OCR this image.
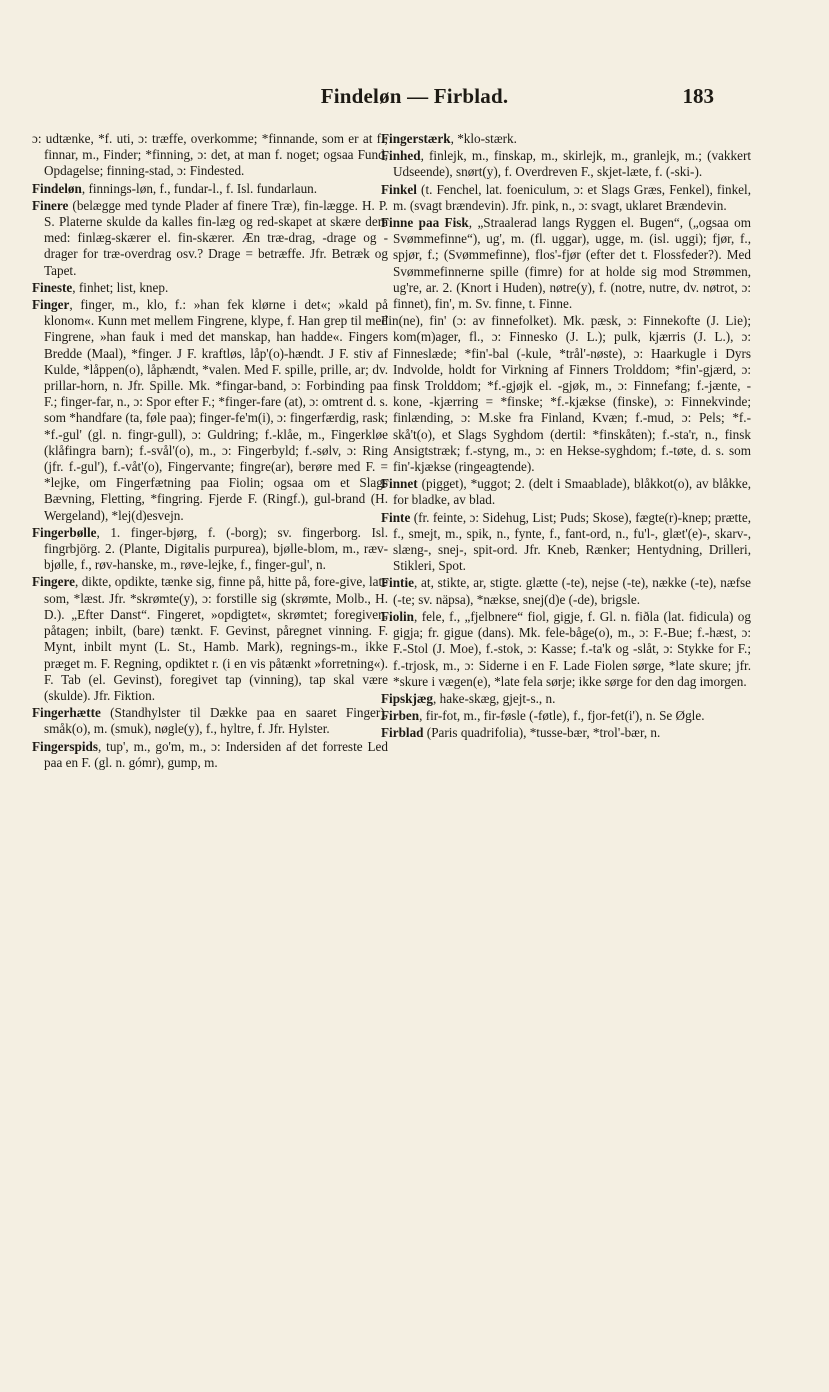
Findeløn — Firblad.	183

ɔ: udtænke, *f. uti, ɔ: træffe, overkomme; *finnande, som er at f.; finnar, m., Finder; *finning, ɔ: det, at man f. noget; ogsaa Fund, Opdagelse; finning-stad, ɔ: Findested.

Findeløn, finnings-løn, f., fundar-l., f. Isl. fundarlaun.

Finere (belægge med tynde Plader af finere Træ), fin-lægge. H. P. S. Platerne skulde da kalles fin-læg og red-skapet at skære dem med: finlæg-skærer el. fin-skærer. Æn træ-drag, -drage og -drager for træ-overdrag osv.? Drage = betræffe. Jfr. Betræk og Tapet.

Fineste, finhet; list, knep.

Finger, finger, m., klo, f.: »han fek klørne i det«; »kald på klonom«. Kunn met mellem Fingrene, klype, f. Han grep til med Fingrene, »han fauk i med det manskap, han hadde«. Fingers Bredde (Maal), *finger. J F. kraftløs, låp'(o)-hændt. J F. stiv af Kulde, *låppen(o), låphændt, *valen. Med F. spille, prille, ar; dv. prillar-horn, n. Jfr. Spille. Mk. *fingar-band, ɔ: Forbinding paa F.; finger-far, n., ɔ: Spor efter F.; *finger-fare (at), ɔ: omtrent d. s. som *handfare (ta, føle paa); finger-fe'm(i), ɔ: fingerfærdig, rask; *f.-gul' (gl. n. fingr-gull), ɔ: Guldring; f.-klåe, m., Fingerkløe (klåfingra barn); f.-svål'(o), m., ɔ: Fingerbyld; f.-sølv, ɔ: Ring (jfr. f.-gul'), f.-våt'(o), Fingervante; fingre(ar), berøre med F. = *lejke, om Fingerfætning paa Fiolin; ogsaa om et Slags Bævning, Fletting, *fingring. Fjerde F. (Ringf.), gul-brand (H. Wergeland), *lej(d)esvejn.

Fingerbølle, 1. finger-bjørg, f. (-borg); sv. fingerborg. Isl. fingrbjörg. 2. (Plante, Digitalis purpurea), bjølle-blom, m., ræv-bjølle, f., røv-hanske, m., røve-lejke, f., finger-gul', n.

Fingere, dikte, opdikte, tænke sig, finne på, hitte på, fore-give, late som, *læst. Jfr. *skrømte(y), ɔ: forstille sig (skrømte, Molb., H. D.). „Efter Danst“. Fingeret, »opdigtet«, skrømtet; foregiven, påtagen; inbilt, (bare) tænkt. F. Gevinst, påregnet vinning. F. Mynt, inbilt mynt (L. St., Hamb. Mark), regnings-m., ikke præget m. F. Regning, opdiktet r. (i en vis påtænkt »forretning«). F. Tab (el. Gevinst), foregivet tap (vinning), tap skal være (skulde). Jfr. Fiktion.

Fingerhætte (Standhylster til Dække paa en saaret Finger), småk(o), m. (smuk), nøgle(y), f., hyltre, f. Jfr. Hylster.

Fingerspids, tup', m., go'm, m., ɔ: Indersiden af det forreste Led paa en F. (gl. n. gómr), gump, m.

Fingerstærk, *klo-stærk.

Finhed, finlejk, m., finskap, m., skirlejk, m., granlejk, m.; (vakkert Udseende), snørt(y), f. Overdreven F., skjet-læte, f. (-ski-).

Finkel (t. Fenchel, lat. foeniculum, ɔ: et Slags Græs, Fenkel), finkel, m. (svagt brændevin). Jfr. pink, n., ɔ: svagt, uklaret Brændevin.

Finne paa Fisk, „Straalerad langs Ryggen el. Bugen“, („ogsaa om Svømmefinne“), ug', m. (fl. uggar), ugge, m. (isl. uggi); fjør, f., spjør, f.; (Svømmefinne), flos'-fjør (efter det t. Flossfeder?). Med Svømmefinnerne spille (fimre) for at holde sig mod Strømmen, ug're, ar. 2. (Knort i Huden), nøtre(y), f. (notre, nutre, dv. nøtrot, ɔ: finnet), fin', m. Sv. finne, t. Finne.

Fin(ne), fin' (ɔ: av finnefolket). Mk. pæsk, ɔ: Finnekofte (J. Lie); kom(m)ager, fl., ɔ: Finnesko (J. L.); pulk, kjærris (J. L.), ɔ: Finneslæde; *fin'-bal (-kule, *trål'-nøste), ɔ: Haarkugle i Dyrs Indvolde, holdt for Virkning af Finners Trolddom; *fin'-gjærd, ɔ: finsk Trolddom; *f.-gjøjk el. -gjøk, m., ɔ: Finnefang; f.-jænte, -kone, -kjærring = *finske; *f.-kjækse (finske), ɔ: Finnekvinde; finlænding, ɔ: M.ske fra Finland, Kvæn; f.-mud, ɔ: Pels; *f.-skå't(o), et Slags Syghdom (dertil: *finskåten); f.-sta'r, n., finsk Ansigtstræk; f.-styng, m., ɔ: en Hekse-syghdom; f.-tøte, d. s. som fin'-kjækse (ringeagtende).

Finnet (pigget), *uggot; 2. (delt i Smaablade), blåkkot(o), av blåkke, for bladke, av blad.

Finte (fr. feinte, ɔ: Sidehug, List; Puds; Skose), fægte(r)-knep; prætte, f., smejt, m., spik, n., fynte, f., fant-ord, n., fu'l-, glæt'(e)-, skarv-, slæng-, snej-, spit-ord. Jfr. Kneb, Rænker; Hentydning, Drilleri, Stikleri, Spot.

Fintie, at, stikte, ar, stigte. glætte (-te), nejse (-te), nække (-te), næfse (-te; sv. näpsa), *nækse, snej(d)e (-de), brigsle.

Fiolin, fele, f., „fjelbnere“ fiol, gigje, f. Gl. n. fiðla (lat. fidicula) og gigja; fr. gigue (dans). Mk. fele-båge(o), m., ɔ: F.-Bue; f.-hæst, ɔ: F.-Stol (J. Moe), f.-stok, ɔ: Kasse; f.-ta'k og -slåt, ɔ: Stykke for F.; f.-trjosk, m., ɔ: Siderne i en F. Lade Fiolen sørge, *late skure; jfr. *skure i vægen(e), *late fela sørje; ikke sørge for den dag imorgen.

Fipskjæg, hake-skæg, gjejt-s., n.

Firben, fir-fot, m., fir-føsle (-føtle), f., fjor-fet(i'), n. Se Øgle.

Firblad (Paris quadrifolia), *tusse-bær, *trol'-bær, n.
